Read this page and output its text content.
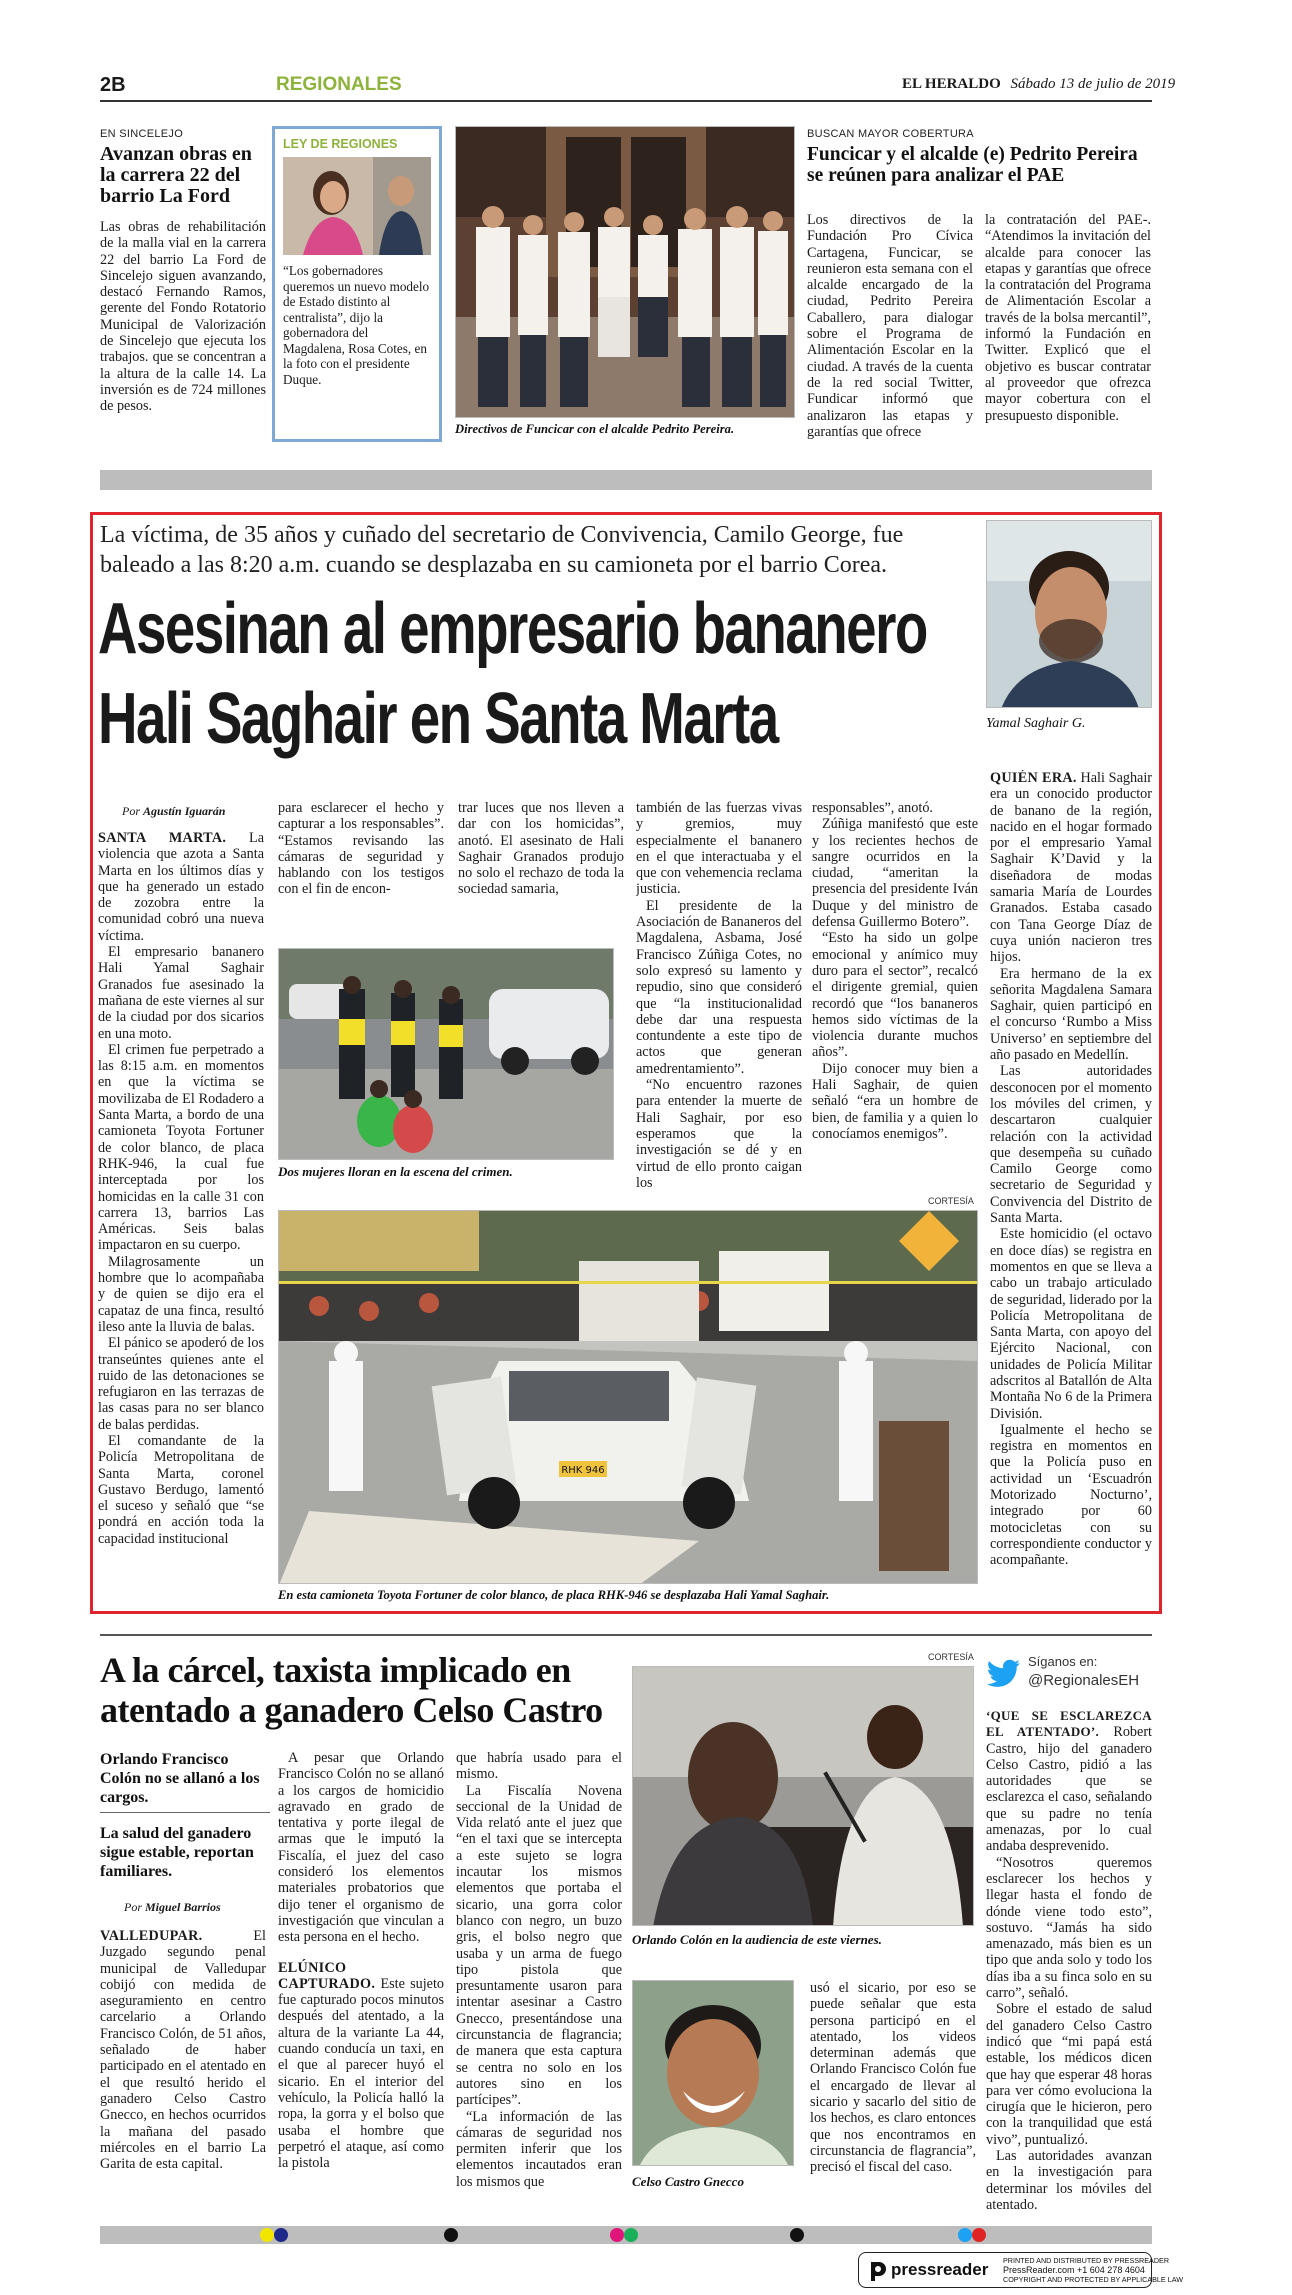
2B	REGIONALES	EL HERALDO Sábado 13 de julio de 2019
EN SINCELEJO
Avanzan obras en la carrera 22 del barrio La Ford

Las obras de rehabilitación de la malla vial en la carrera 22 del barrio La Ford de Sincelejo siguen avanzando, destacó Fernando Ramos, gerente del Fondo Rotatorio Municipal de Valorización de Sincelejo que ejecuta los trabajos. que se concentran a la altura de la calle 14. La inversión es de 724 millones de pesos.

LEY DE REGIONES
“Los gobernadores queremos un nuevo modelo de Estado distinto al centralista”, dijo la gobernadora del Magdalena, Rosa Cotes, en la foto con el presidente Duque.
Directivos de Funcicar con el alcalde Pedrito Pereira.
BUSCAN MAYOR COBERTURA
Funcicar y el alcalde (e) Pedrito Pereira se reúnen para analizar el PAE

Los directivos de la Fundación Pro Cívica Cartagena, Funcicar, se reunieron esta semana con el alcalde encargado de la ciudad, Pedrito Pereira Caballero, para dialogar sobre el Programa de Alimentación Escolar en la ciudad. A través de la cuenta de la red social Twitter, Fundicar informó que analizaron las etapas y garantías que ofrece

la contratación del PAE-. “Atendimos la invitación del alcalde para conocer las etapas y garantías que ofrece la contratación del Programa de Alimentación Escolar a través de la bolsa mercantil”, informó la Fundación en Twitter. Explicó que el objetivo es buscar contratar al proveedor que ofrezca mayor cobertura con el presupuesto disponible.

La víctima, de 35 años y cuñado del secretario de Convivencia, Camilo George, fue baleado a las 8:20 a.m. cuando se desplazaba en su camioneta por el barrio Corea.
Asesinan al empresario bananero
Hali Saghair en Santa Marta	Yamal Saghair G.
Por Agustín Iguarán

SANTA MARTA. La violencia que azota a Santa Marta en los últimos días y que ha generado un estado de zozobra entre la comunidad cobró una nueva víctima.

El empresario bananero Hali Yamal Saghair Granados fue asesinado la mañana de este viernes al sur de la ciudad por dos sicarios en una moto.

El crimen fue perpetrado a las 8:15 a.m. en momentos en que la víctima se movilizaba de El Rodadero a Santa Marta, a bordo de una camioneta Toyota Fortuner de color blanco, de placa RHK-946, la cual fue interceptada por los homicidas en la calle 31 con carrera 13, barrios Las Américas. Seis balas impactaron en su cuerpo.

Milagrosamente un hombre que lo acompañaba y de quien se dijo era el capataz de una finca, resultó ileso ante la lluvia de balas.

El pánico se apoderó de los transeúntes quienes ante el ruido de las detonaciones se refugiaron en las terrazas de las casas para no ser blanco de balas perdidas.

El comandante de la Policía Metropolitana de Santa Marta, coronel Gustavo Berdugo, lamentó el suceso y señaló que “se pondrá en acción toda la capacidad institucional

para esclarecer el hecho y capturar a los responsables”. “Estamos revisando las cámaras de seguridad y hablando con los testigos con el fin de encon-

trar luces que nos lleven a dar con los homicidas”, anotó. El asesinato de Hali Saghair Granados produjo no solo el rechazo de toda la sociedad samaria,

también de las fuerzas vivas y gremios, muy especialmente el bananero en el que interactuaba y el que con vehemencia reclama justicia.

El presidente de la Asociación de Bananeros del Magdalena, Asbama, José Francisco Zúñiga Cotes, no solo expresó su lamento y repudio, sino que consideró que “la institucionalidad debe dar una respuesta contundente a este tipo de actos que generan amedrentamiento”.

“No encuentro razones para entender la muerte de Hali Saghair, por eso esperamos que la investigación se dé y en virtud de ello pronto caigan los

responsables”, anotó.

Zúñiga manifestó que este y los recientes hechos de sangre ocurridos en la ciudad, “ameritan la presencia del presidente Iván Duque y del ministro de defensa Guillermo Botero”.

“Esto ha sido un golpe emocional y anímico muy duro para el sector”, recalcó el dirigente gremial, quien recordó que “los bananeros hemos sido víctimas de la violencia durante muchos años”.

Dijo conocer muy bien a Hali Saghair, de quien señaló “era un hombre de bien, de familia y a quien lo conocíamos enemigos”.

QUIÉN ERA. Hali Saghair era un conocido productor de banano de la región, nacido en el hogar formado por el empresario Yamal Saghair K’David y la diseñadora de modas samaria María de Lourdes Granados. Estaba casado con Tana George Díaz de cuya unión nacieron tres hijos.

Era hermano de la ex señorita Magdalena Samara Saghair, quien participó en el concurso ‘Rumbo a Miss Universo’ en septiembre del año pasado en Medellín.

Las autoridades desconocen por el momento los móviles del crimen, y descartaron cualquier relación con la actividad que desempeña su cuñado Camilo George como secretario de Seguridad y Convivencia del Distrito de Santa Marta.

Este homicidio (el octavo en doce días) se registra en momentos en que se lleva a cabo un trabajo articulado de seguridad, liderado por la Policía Metropolitana de Santa Marta, con apoyo del Ejército Nacional, con unidades de Policía Militar adscritos al Batallón de Alta Montaña No 6 de la Primera División.

Igualmente el hecho se registra en momentos en que la Policía puso en actividad un ‘Escuadrón Motorizado Nocturno’, integrado por 60 motocicletas con su correspondiente conductor y acompañante.

Dos mujeres lloran en la escena del crimen.
CORTESÍA
RHK 946
En esta camioneta Toyota Fortuner de color blanco, de placa RHK-946 se desplazaba Hali Yamal Saghair.
A la cárcel, taxista implicado en
atentado a ganadero Celso Castro
Orlando Francisco Colón no se allanó a los cargos.
La salud del ganadero sigue estable, reportan familiares.
Por Miguel Barrios

VALLEDUPAR.	El Juzgado segundo penal municipal de Valledupar cobijó con medida de aseguramiento en centro carcelario a Orlando Francisco Colón, de 51 años, señalado de haber participado en el atentado en el que resultó herido el ganadero Celso Castro Gnecco, en hechos ocurridos la mañana del pasado miércoles en el barrio La Garita de esta capital.

A pesar que Orlando Francisco Colón no se allanó a los cargos de homicidio agravado en grado de tentativa y porte ilegal de armas que le imputó la Fiscalía, el juez del caso consideró los elementos materiales probatorios que dijo tener el organismo de investigación que vinculan a esta persona en el hecho.

ELÚNICO CAPTURADO. Este sujeto fue capturado pocos minutos después del atentado, a la altura de la variante La 44, cuando conducía un taxi, en el que al parecer huyó el sicario. En el interior del vehículo, la Policía halló la ropa, la gorra y el bolso que usaba el hombre que perpetró el ataque, así como la pistola

que habría usado para el mismo.

La Fiscalía Novena seccional de la Unidad de Vida relató ante el juez que “en el taxi que se intercepta a este sujeto se logra incautar los mismos elementos que portaba el sicario, una gorra color blanco con negro, un buzo gris, el bolso negro que usaba y un arma de fuego tipo pistola que presuntamente usaron para intentar asesinar a Castro Gnecco, presentándose una circunstancia de flagrancia; de manera que esta captura se centra no solo en los autores sino en los partícipes”.

“La información de las cámaras de seguridad nos permiten inferir que los elementos incautados eran los mismos que

CORTESÍA
Orlando Colón en la audiencia de este viernes.
Celso Castro Gnecco

usó el sicario, por eso se puede señalar que esta persona participó en el atentado, los videos determinan además que Orlando Francisco Colón fue el encargado de llevar al sicario y sacarlo del sitio de los hechos, es claro entonces que nos encontramos en circunstancia de flagrancia”, precisó el fiscal del caso.

Síganos en:
@RegionalesEH

‘QUE SE ESCLAREZCA EL ATENTADO’. Robert Castro, hijo del ganadero Celso Castro, pidió a las autoridades que se esclarezca el caso, señalando que su padre no tenía amenazas, por lo cual andaba desprevenido.

“Nosotros queremos esclarecer los hechos y llegar hasta el fondo de dónde viene todo esto”, sostuvo. “Jamás ha sido amenazado, más bien es un tipo que anda solo y todo los días iba a su finca solo en su carro”, señaló.

Sobre el estado de salud del ganadero Celso Castro indicó que “mi papá está estable, los médicos dicen que hay que esperar 48 horas para ver cómo evoluciona la cirugía que le hicieron, pero con la tranquilidad que está vivo”, puntualizó.

Las autoridades avanzan en la investigación para determinar los móviles del atentado.

pressreader PRINTED AND DISTRIBUTED BY PRESSREADER
PressReader.com +1 604 278 4604
COPYRIGHT AND PROTECTED BY APPLICABLE LAW
